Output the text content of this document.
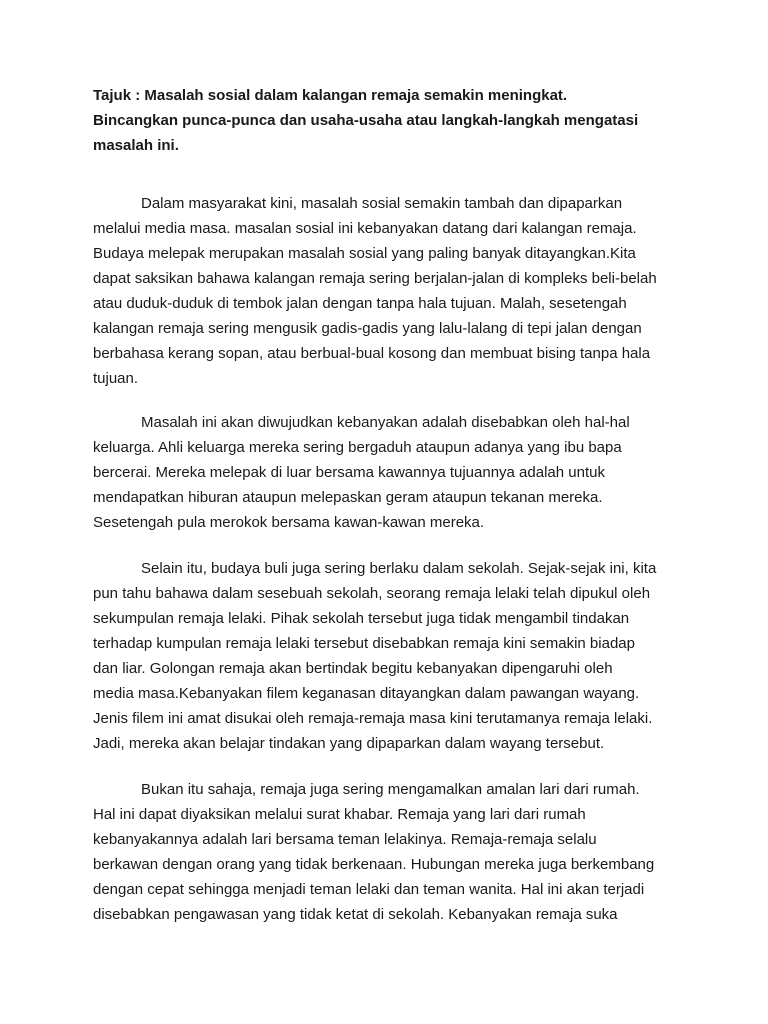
Tajuk : Masalah sosial dalam kalangan remaja semakin meningkat.
Bincangkan punca-punca dan usaha-usaha atau langkah-langkah mengatasi
masalah ini.

Dalam masyarakat kini, masalah sosial semakin tambah dan dipaparkan
melalui media masa. masalan sosial ini kebanyakan datang dari kalangan remaja.
Budaya melepak merupakan masalah sosial yang paling banyak ditayangkan.Kita
dapat saksikan bahawa kalangan remaja sering berjalan-jalan di kompleks beli-belah
atau duduk-duduk di tembok jalan dengan tanpa hala tujuan. Malah, sesetengah
kalangan remaja sering mengusik gadis-gadis yang lalu-lalang di tepi jalan dengan
berbahasa kerang sopan, atau berbual-bual kosong dan membuat bising tanpa hala
tujuan.

Masalah ini akan diwujudkan kebanyakan adalah disebabkan oleh hal-hal
keluarga. Ahli keluarga mereka sering bergaduh ataupun adanya yang ibu bapa
bercerai. Mereka melepak di luar bersama kawannya tujuannya adalah untuk
mendapatkan hiburan ataupun melepaskan geram ataupun tekanan mereka.
Sesetengah pula merokok bersama kawan-kawan mereka.

Selain itu, budaya buli juga sering berlaku dalam sekolah. Sejak-sejak ini, kita
pun tahu bahawa dalam sesebuah sekolah, seorang remaja lelaki telah dipukul oleh
sekumpulan remaja lelaki. Pihak sekolah tersebut juga tidak mengambil tindakan
terhadap kumpulan remaja lelaki tersebut disebabkan remaja kini semakin biadap
dan liar. Golongan remaja akan bertindak begitu kebanyakan dipengaruhi oleh
media masa.Kebanyakan filem keganasan ditayangkan dalam pawangan wayang.
Jenis filem ini amat disukai oleh remaja-remaja masa kini terutamanya remaja lelaki.
Jadi, mereka akan belajar tindakan yang dipaparkan dalam wayang tersebut.

Bukan itu sahaja, remaja juga sering mengamalkan amalan lari dari rumah.
Hal ini dapat diyaksikan melalui surat khabar. Remaja yang lari dari rumah
kebanyakannya adalah lari bersama teman lelakinya. Remaja-remaja selalu
berkawan dengan orang yang tidak berkenaan. Hubungan mereka juga berkembang
dengan cepat sehingga menjadi teman lelaki dan teman wanita. Hal ini akan terjadi
disebabkan pengawasan yang tidak ketat di sekolah. Kebanyakan remaja suka
